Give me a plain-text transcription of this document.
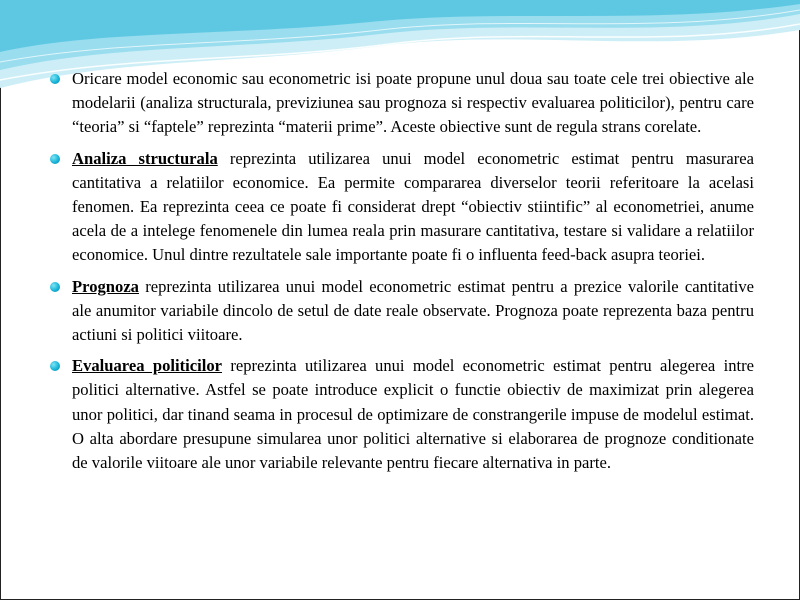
Oricare model economic sau econometric isi poate propune unul doua sau toate cele trei obiective ale modelarii (analiza structurala, previziunea sau prognoza si respectiv evaluarea politicilor), pentru care “teoria” si “faptele” reprezinta “materii prime”. Aceste obiective sunt de regula strans corelate.

Analiza structurala reprezinta utilizarea unui model econometric estimat pentru masurarea cantitativa a relatiilor economice. Ea permite compararea diverselor teorii referitoare la acelasi fenomen. Ea reprezinta ceea ce poate fi considerat drept “obiectiv stiintific” al econometriei, anume acela de a intelege fenomenele din lumea reala prin masurare cantitativa, testare si validare a relatiilor economice. Unul dintre rezultatele sale importante poate fi o influenta feed-back asupra teoriei.

Prognoza reprezinta utilizarea unui model econometric estimat pentru a prezice valorile cantitative ale anumitor variabile dincolo de setul de date reale observate. Prognoza poate reprezenta baza pentru actiuni si politici viitoare.

Evaluarea politicilor reprezinta utilizarea unui model econometric estimat pentru alegerea intre politici alternative. Astfel se poate introduce explicit o functie obiectiv de maximizat prin alegerea unor politici, dar tinand seama in procesul de optimizare de constrangerile impuse de modelul estimat. O alta abordare presupune simularea unor politici alternative si elaborarea de prognoze conditionate de valorile viitoare ale unor variabile relevante pentru fiecare alternativa in parte.
